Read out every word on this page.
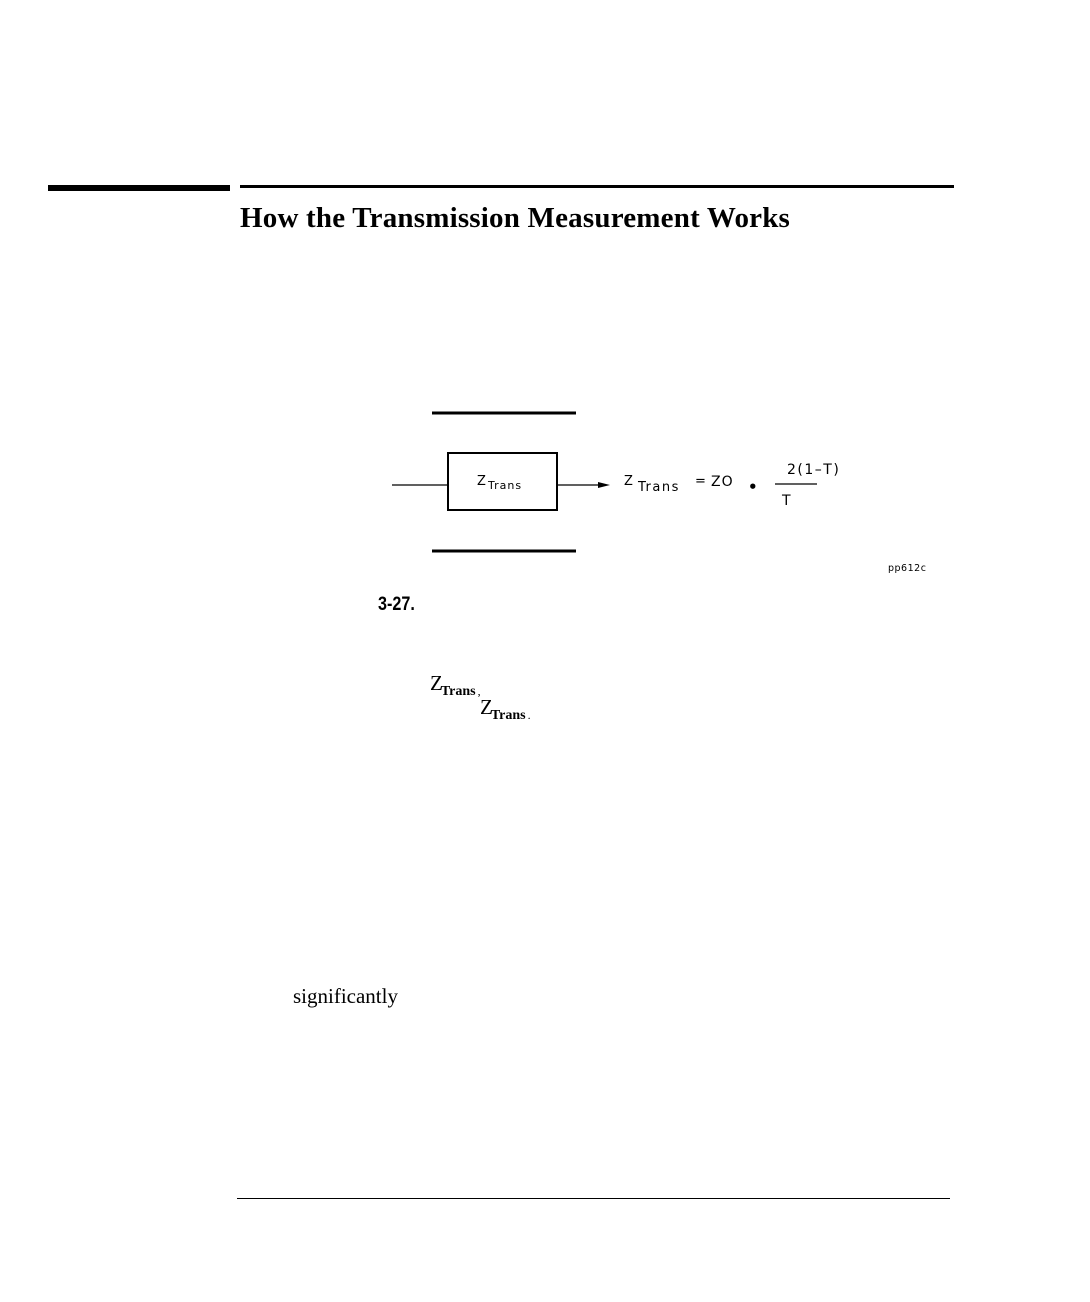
How the Transmission Measurement Works
Z Trans	Z Trans = ZO •
2(1–T)
T
pp612c
3-27.
$Z_{Trans}$ $_,$
$Z_{Trans}$ $_.$
significantly
